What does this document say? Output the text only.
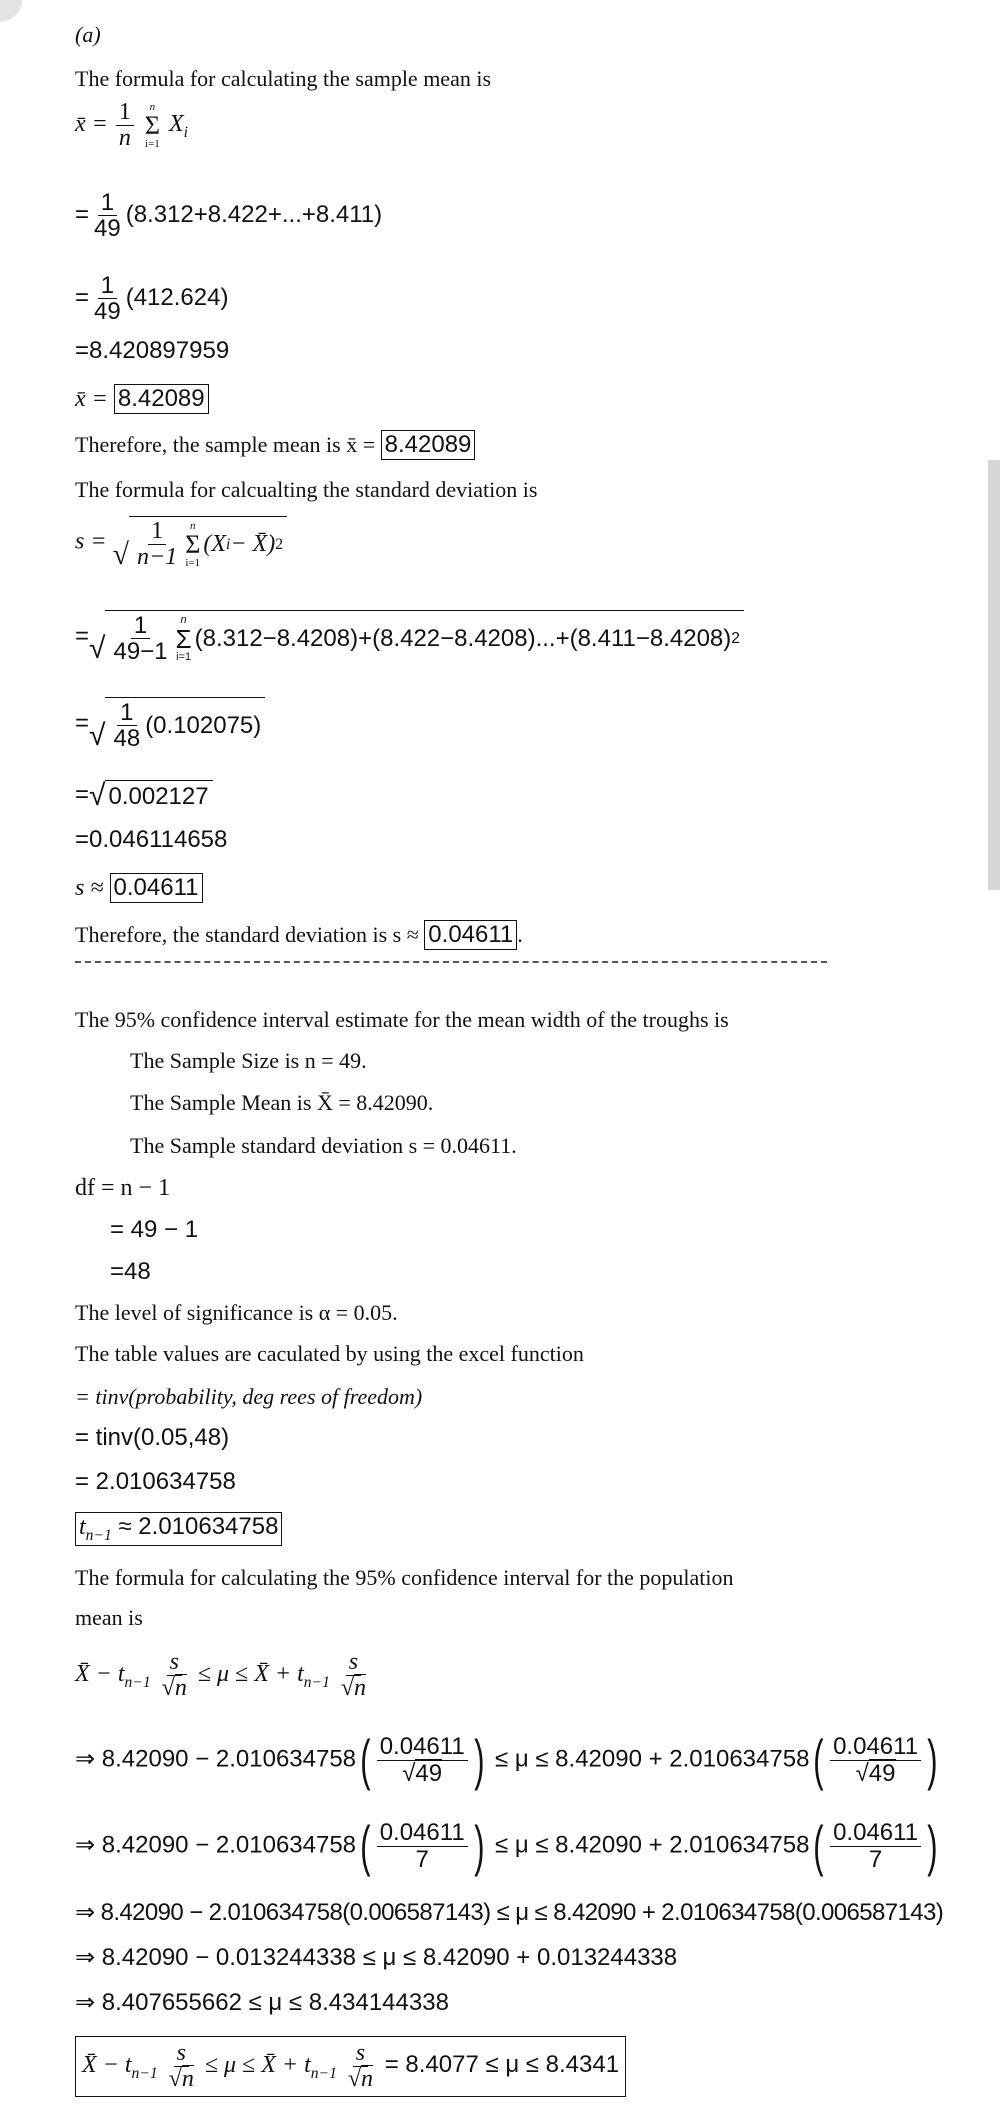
(a)
The formula for calculating the sample mean is
x̄ = $\frac{1}{n}$
n
Σ
i=1
$X_i$
= $\frac{1}{49} (8.312+8.422+...+8.411)$
= $\frac{1}{49} (412.624)$
=8.420897959
x̄ = 8.42089
Therefore, the sample mean is x̄ = 8.42089
The formula for calcualting the standard deviation is
s = √ $\frac{1}{n-1}$ n
Σ
i=1
(X i − X̄) 2
= √ $\frac{1}{49-1}$ n
Σ
i=1
(8.312−8.4208)+(8.422−8.4208)...+(8.411−8.4208) 2
= √ $\frac{1}{48} (0.102075)$
= √ 0.002127
=0.046114658
s ≈ 0.04611
Therefore, the standard deviation is s ≈ 0.04611 .
The 95% confidence interval estimate for the mean width of the troughs is
The Sample Size is n = 49.
The Sample Mean is X̄ = 8.42090.
The Sample standard deviation s = 0.04611.
df = n − 1
= 49 − 1
=48
The level of significance is α = 0.05.
The table values are caculated by using the excel function
= tinv(probability, deg rees of freedom)
= tinv(0.05,48)
= 2.010634758
$t_{n-1} \approx 2.010634758$
The formula for calculating the 95% confidence interval for the population
mean is
X̄ − $t_{n-1} \frac{s}{√n} \le \mu$ ≤ X̄ + $t_{n-1} \frac{s}{√n}$
⇒ 8.42090 − 2.010634758 ( $\frac{0.04611}{√49}$ ) ≤ μ ≤ 8.42090 + 2.010634758 ( $\frac{0.04611}{√49}$ )
⇒ 8.42090 − 2.010634758 ( $\frac{0.04611}{7}$ ) ≤ μ ≤ 8.42090 + 2.010634758 ( $\frac{0.04611}{7}$ )
⇒ 8.42090 − 2.010634758(0.006587143) ≤ μ ≤ 8.42090 + 2.010634758(0.006587143)
⇒ 8.42090 − 0.013244338 ≤ μ ≤ 8.42090 + 0.013244338
⇒ 8.407655662 ≤ μ ≤ 8.434144338
X̄ − $t_{n-1} \frac{s}{√n} \le \mu$ ≤ X̄ + $t_{n-1} \frac{s}{√n} = 8.4077 \le \mu \le 8.4341$
